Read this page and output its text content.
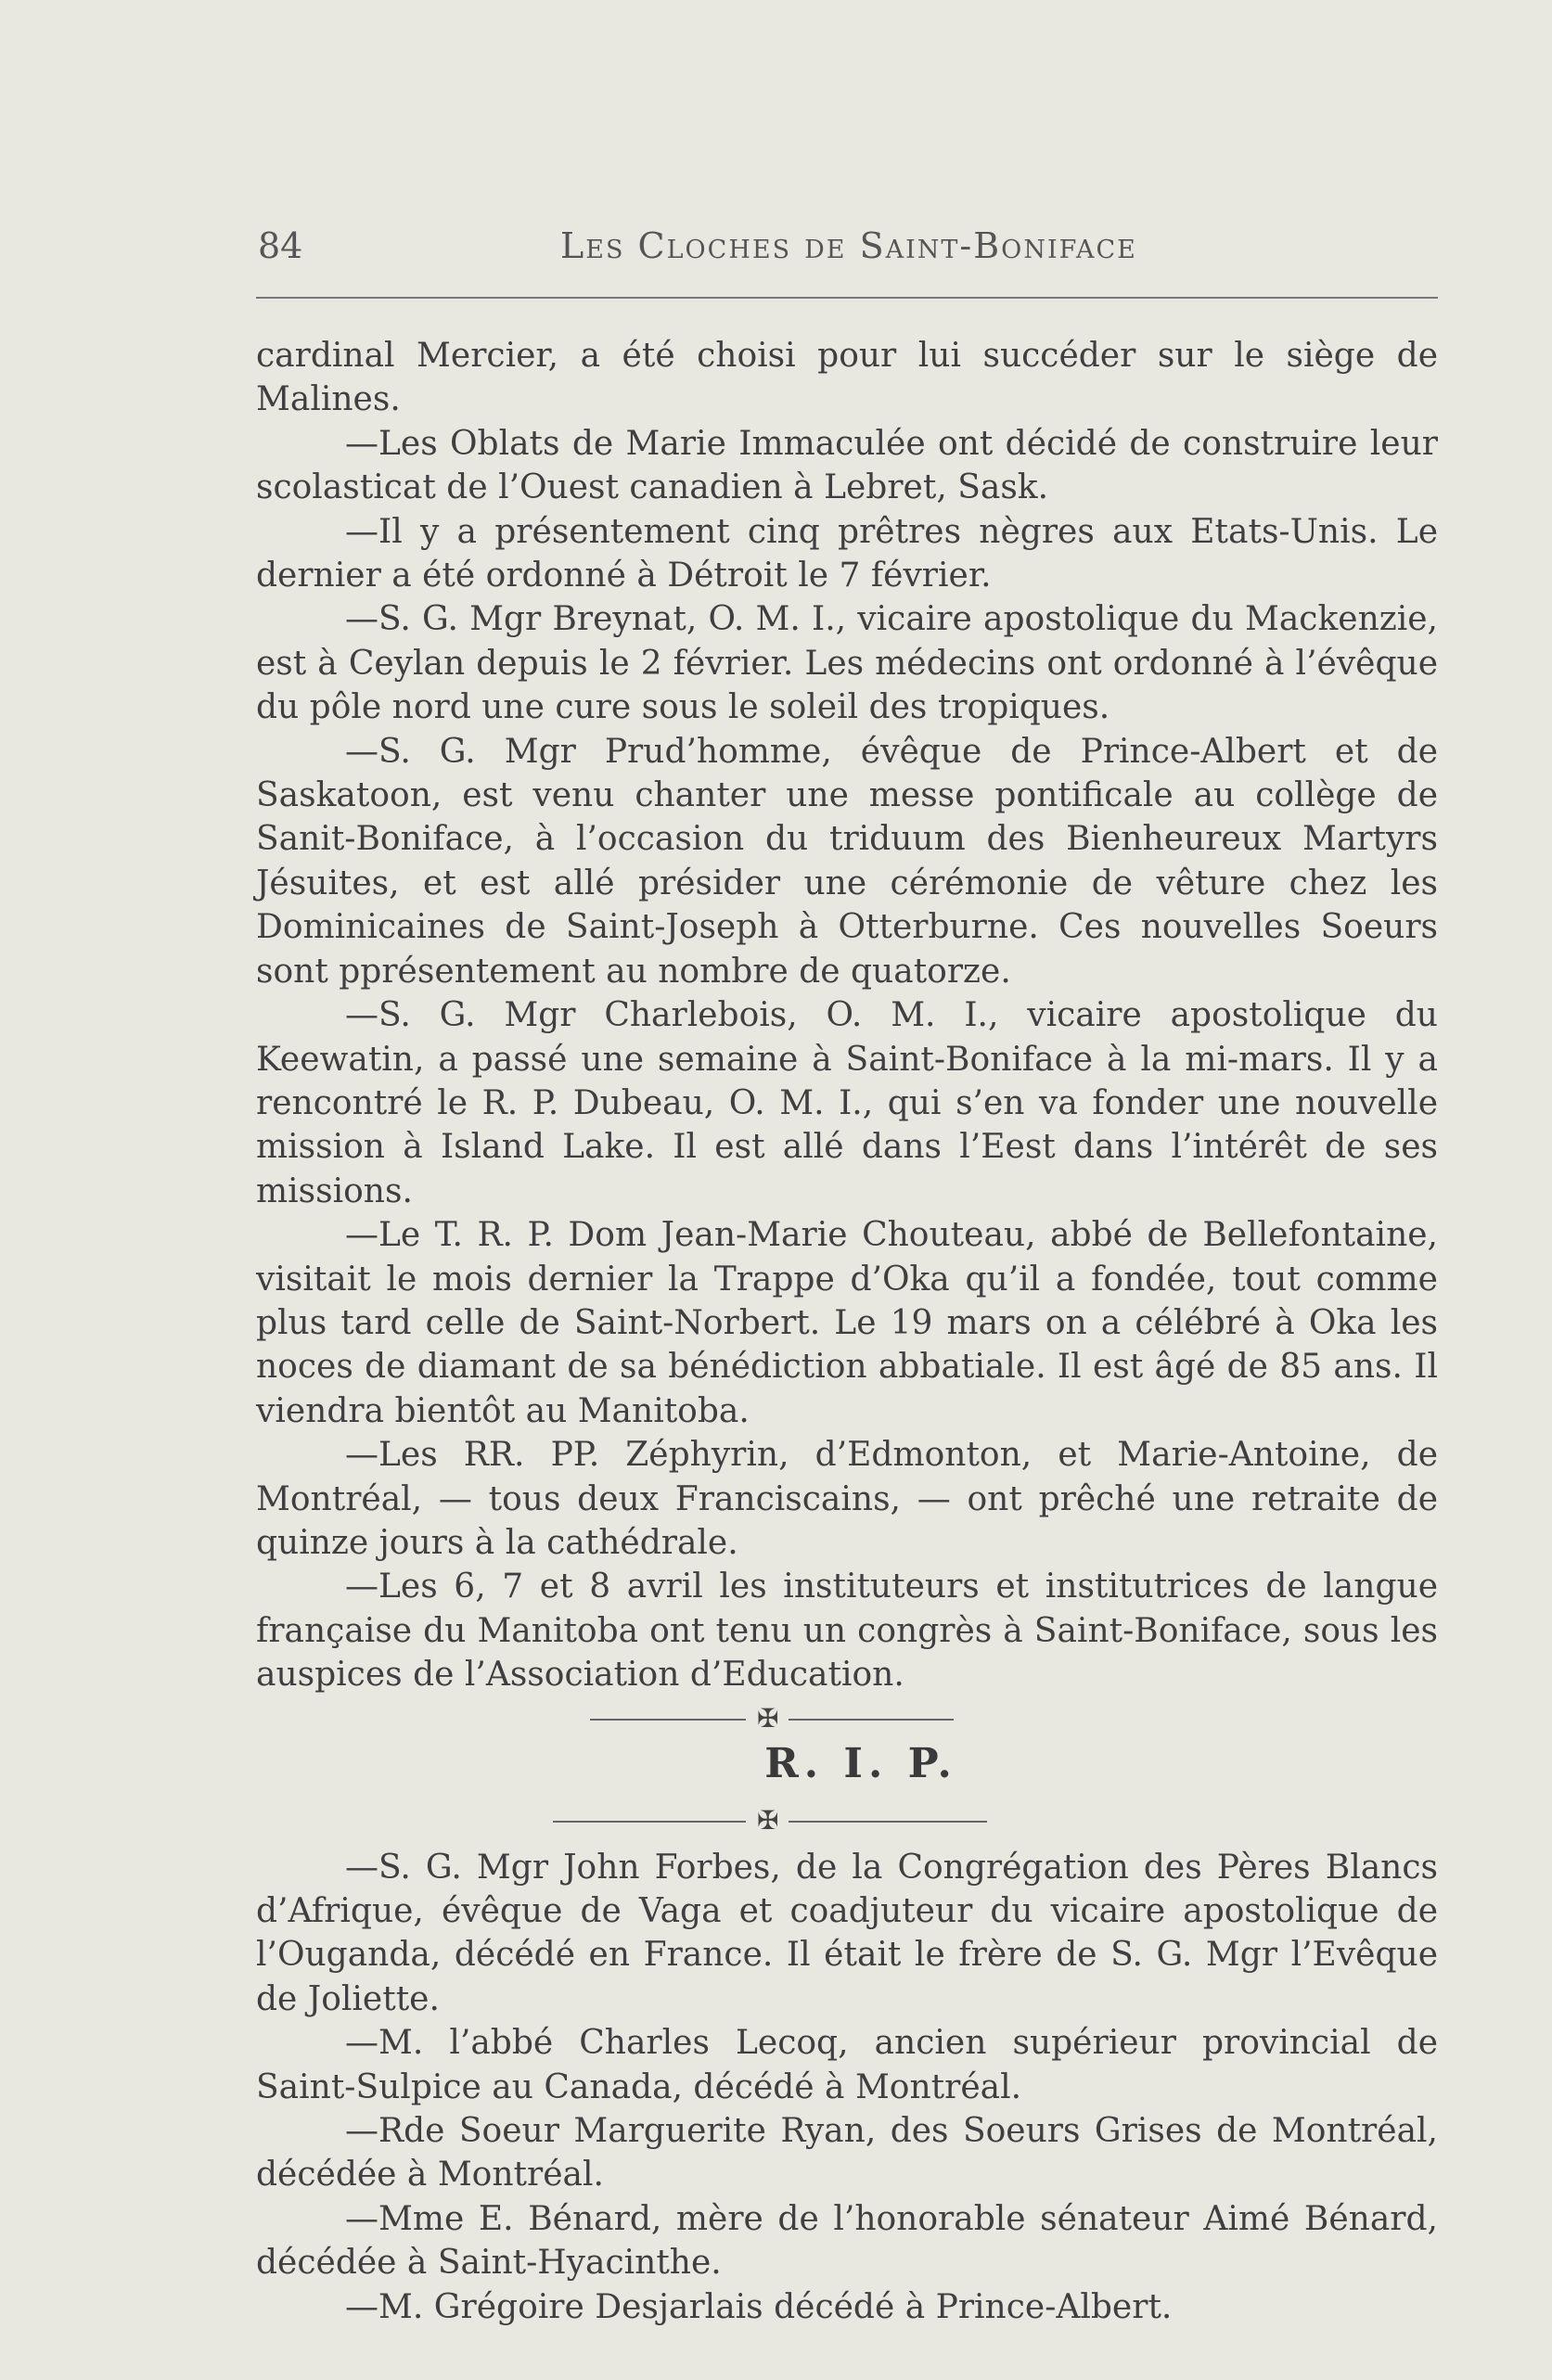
84	Les Cloches de Saint-Boniface

cardinal Mercier, a été choisi pour lui succéder sur le siège de Malines.

—Les Oblats de Marie Immaculée ont décidé de construire leur scolasticat de l’Ouest canadien à Lebret, Sask.

—Il y a présentement cinq prêtres nègres aux Etats-Unis. Le dernier a été ordonné à Détroit le 7 février.

—S. G. Mgr Breynat, O. M. I., vicaire apostolique du Mackenzie, est à Ceylan depuis le 2 février. Les médecins ont ordonné à l’évêque du pôle nord une cure sous le soleil des tropiques.

—S. G. Mgr Prud’homme, évêque de Prince-Albert et de Saskatoon, est venu chanter une messe pontificale au collège de Sanit-Boniface, à l’occasion du triduum des Bienheureux Martyrs Jésuites, et est allé présider une cérémonie de vêture chez les Dominicaines de Saint-Joseph à Otterburne. Ces nouvelles Soeurs sont pprésentement au nombre de quatorze.

—S. G. Mgr Charlebois, O. M. I., vicaire apostolique du Keewatin, a passé une semaine à Saint-Boniface à la mi-mars. Il y a rencontré le R. P. Dubeau, O. M. I., qui s’en va fonder une nouvelle mission à Island Lake. Il est allé dans l’Eest dans l’intérêt de ses missions.

—Le T. R. P. Dom Jean-Marie Chouteau, abbé de Bellefontaine, visitait le mois dernier la Trappe d’Oka qu’il a fondée, tout comme plus tard celle de Saint-Norbert. Le 19 mars on a célébré à Oka les noces de diamant de sa bénédiction abbatiale. Il est âgé de 85 ans. Il viendra bientôt au Manitoba.

—Les RR. PP. Zéphyrin, d’Edmonton, et Marie-Antoine, de Montréal, — tous deux Franciscains, — ont prêché une retraite de quinze jours à la cathédrale.

—Les 6, 7 et 8 avril les instituteurs et institutrices de langue française du Manitoba ont tenu un congrès à Saint-Boniface, sous les auspices de l’Association d’Education.

✠
R. I. P.
✠

—S. G. Mgr John Forbes, de la Congrégation des Pères Blancs d’Afrique, évêque de Vaga et coadjuteur du vicaire apostolique de l’Ouganda, décédé en France. Il était le frère de S. G. Mgr l’Evêque de Joliette.

—M. l’abbé Charles Lecoq, ancien supérieur provincial de Saint-Sulpice au Canada, décédé à Montréal.

—Rde Soeur Marguerite Ryan, des Soeurs Grises de Montréal, décédée à Montréal.

—Mme E. Bénard, mère de l’honorable sénateur Aimé Bénard, décédée à Saint-Hyacinthe.

—M. Grégoire Desjarlais décédé à Prince-Albert.
